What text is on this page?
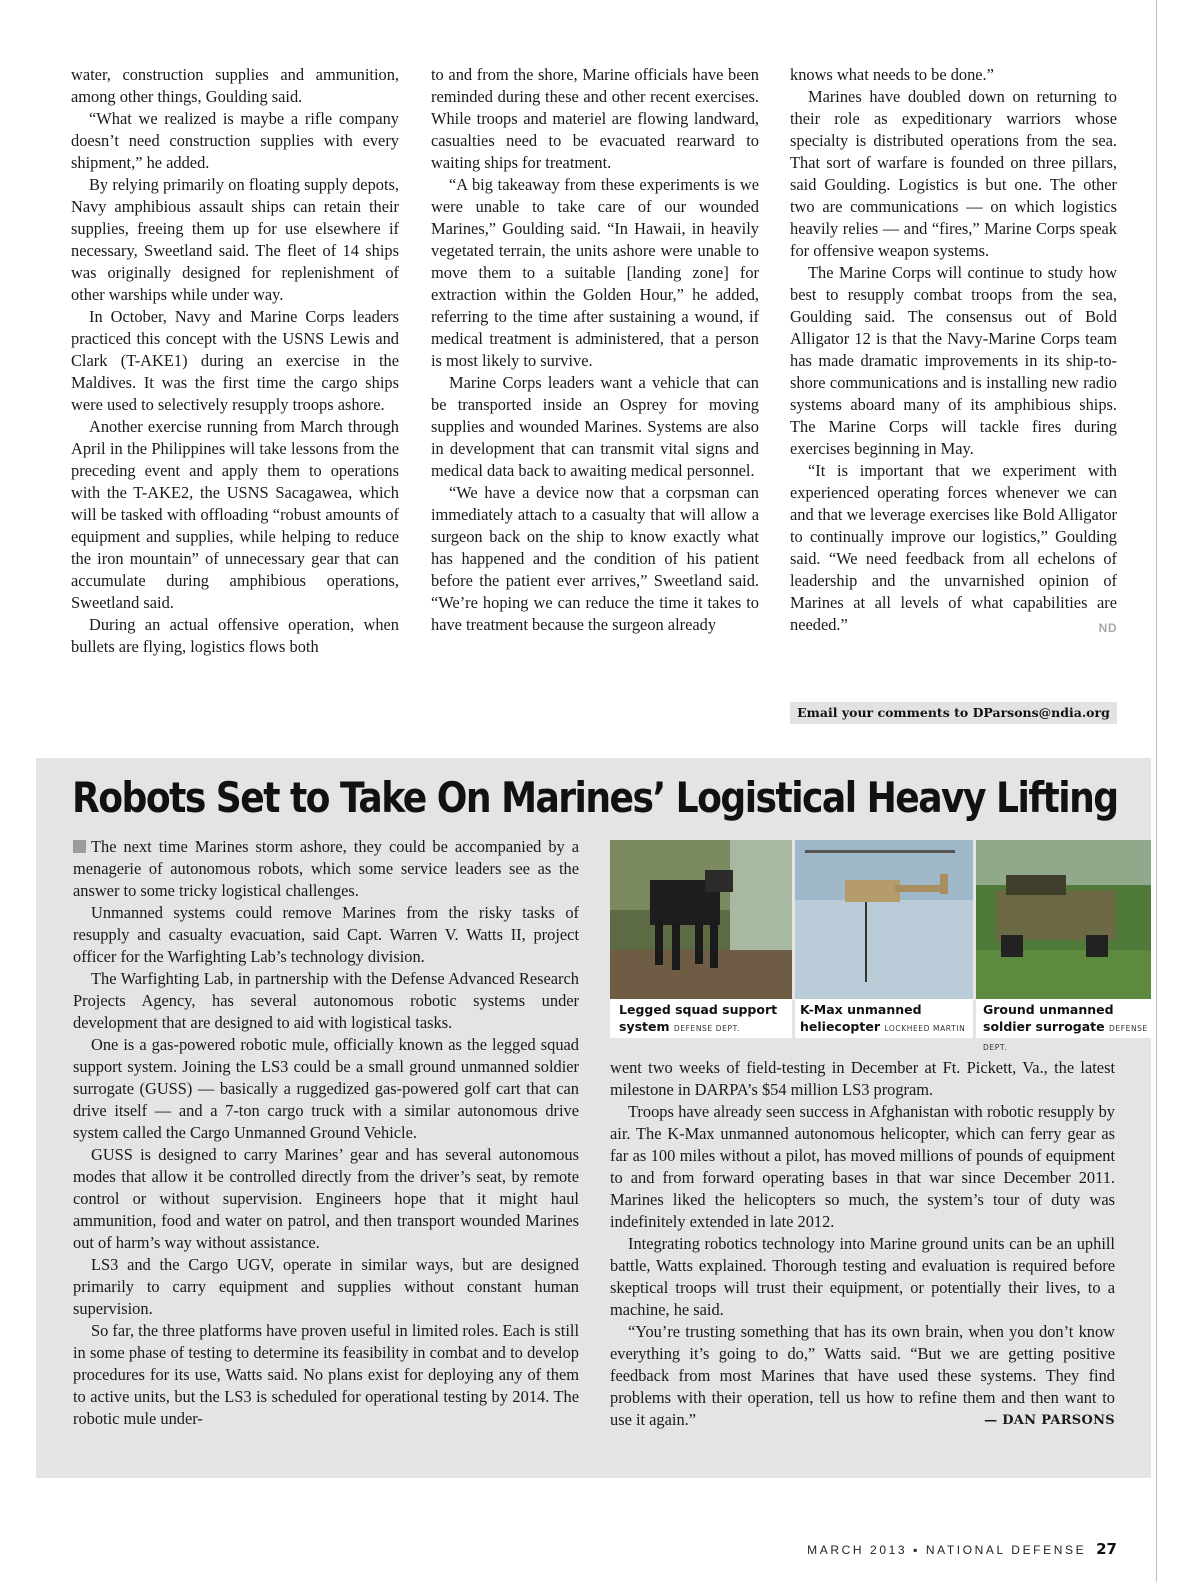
water, construction supplies and ammunition, among other things, Goulding said.

“What we realized is maybe a rifle company doesn’t need construction supplies with every shipment,” he added.

By relying primarily on floating supply depots, Navy amphibious assault ships can retain their supplies, freeing them up for use elsewhere if necessary, Sweetland said. The fleet of 14 ships was originally designed for replenishment of other warships while under way.

In October, Navy and Marine Corps leaders practiced this concept with the USNS Lewis and Clark (T-AKE1) during an exercise in the Maldives. It was the first time the cargo ships were used to selectively resupply troops ashore.

Another exercise running from March through April in the Philippines will take lessons from the preceding event and apply them to operations with the T-AKE2, the USNS Sacagawea, which will be tasked with offloading “robust amounts of equipment and supplies, while helping to reduce the iron mountain” of unnecessary gear that can accumulate during amphibious operations, Sweetland said.

During an actual offensive operation, when bullets are flying, logistics flows both

to and from the shore, Marine officials have been reminded during these and other recent exercises. While troops and materiel are flowing landward, casualties need to be evacuated rearward to waiting ships for treatment.

“A big takeaway from these experiments is we were unable to take care of our wounded Marines,” Goulding said. “In Hawaii, in heavily vegetated terrain, the units ashore were unable to move them to a suitable [landing zone] for extraction within the Golden Hour,” he added, referring to the time after sustaining a wound, if medical treatment is administered, that a person is most likely to survive.

Marine Corps leaders want a vehicle that can be transported inside an Osprey for moving supplies and wounded Marines. Systems are also in development that can transmit vital signs and medical data back to awaiting medical personnel.

“We have a device now that a corpsman can immediately attach to a casualty that will allow a surgeon back on the ship to know exactly what has happened and the condition of his patient before the patient ever arrives,” Sweetland said. “We’re hoping we can reduce the time it takes to have treatment because the surgeon already

knows what needs to be done.”

Marines have doubled down on returning to their role as expeditionary warriors whose specialty is distributed operations from the sea. That sort of warfare is founded on three pillars, said Goulding. Logistics is but one. The other two are communications — on which logistics heavily relies — and “fires,” Marine Corps speak for offensive weapon systems.

The Marine Corps will continue to study how best to resupply combat troops from the sea, Goulding said. The consensus out of Bold Alligator 12 is that the Navy-Marine Corps team has made dramatic improvements in its ship-to-shore communications and is installing new radio systems aboard many of its amphibious ships. The Marine Corps will tackle fires during exercises beginning in May.

“It is important that we experiment with experienced operating forces whenever we can and that we leverage exercises like Bold Alligator to continually improve our logistics,” Goulding said. “We need feedback from all echelons of leadership and the unvarnished opinion of Marines at all levels of what capabilities are needed.”	ND

Email your comments to DParsons@ndia.org
Robots Set to Take On Marines’ Logistical Heavy Lifting

The next time Marines storm ashore, they could be accompanied by a menagerie of autonomous robots, which some service leaders see as the answer to some tricky logistical challenges.

Unmanned systems could remove Marines from the risky tasks of resupply and casualty evacuation, said Capt. Warren V. Watts II, project officer for the Warfighting Lab’s technology division.

The Warfighting Lab, in partnership with the Defense Advanced Research Projects Agency, has several autonomous robotic systems under development that are designed to aid with logistical tasks.

One is a gas-powered robotic mule, officially known as the legged squad support system. Joining the LS3 could be a small ground unmanned soldier surrogate (GUSS) — basically a ruggedized gas-powered golf cart that can drive itself — and a 7-ton cargo truck with a similar autonomous drive system called the Cargo Unmanned Ground Vehicle.

GUSS is designed to carry Marines’ gear and has several autonomous modes that allow it be controlled directly from the driver’s seat, by remote control or without supervision. Engineers hope that it might haul ammunition, food and water on patrol, and then transport wounded Marines out of harm’s way without assistance.

LS3 and the Cargo UGV, operate in similar ways, but are designed primarily to carry equipment and supplies without constant human supervision.

So far, the three platforms have proven useful in limited roles. Each is still in some phase of testing to determine its feasibility in combat and to develop procedures for its use, Watts said. No plans exist for deploying any of them to active units, but the LS3 is scheduled for operational testing by 2014. The robotic mule under-

Legged squad support system DEFENSE DEPT.
K-Max unmanned heliecopter LOCKHEED MARTIN
Ground unmanned soldier surrogate DEFENSE DEPT.

went two weeks of field-testing in December at Ft. Pickett, Va., the latest milestone in DARPA’s $54 million LS3 program.

Troops have already seen success in Afghanistan with robotic resupply by air. The K-Max unmanned autonomous helicopter, which can ferry gear as far as 100 miles without a pilot, has moved millions of pounds of equipment to and from forward operating bases in that war since December 2011. Marines liked the helicopters so much, the system’s tour of duty was indefinitely extended in late 2012.

Integrating robotics technology into Marine ground units can be an uphill battle, Watts explained. Thorough testing and evaluation is required before skeptical troops will trust their equipment, or potentially their lives, to a machine, he said.

“You’re trusting something that has its own brain, when you don’t know everything it’s going to do,” Watts said. “But we are getting positive feedback from most Marines that have used these systems. They find problems with their operation, tell us how to refine them and then want to use it again.”	— DAN PARSONS

MARCH 2013 ▪ NATIONAL DEFENSE 27
